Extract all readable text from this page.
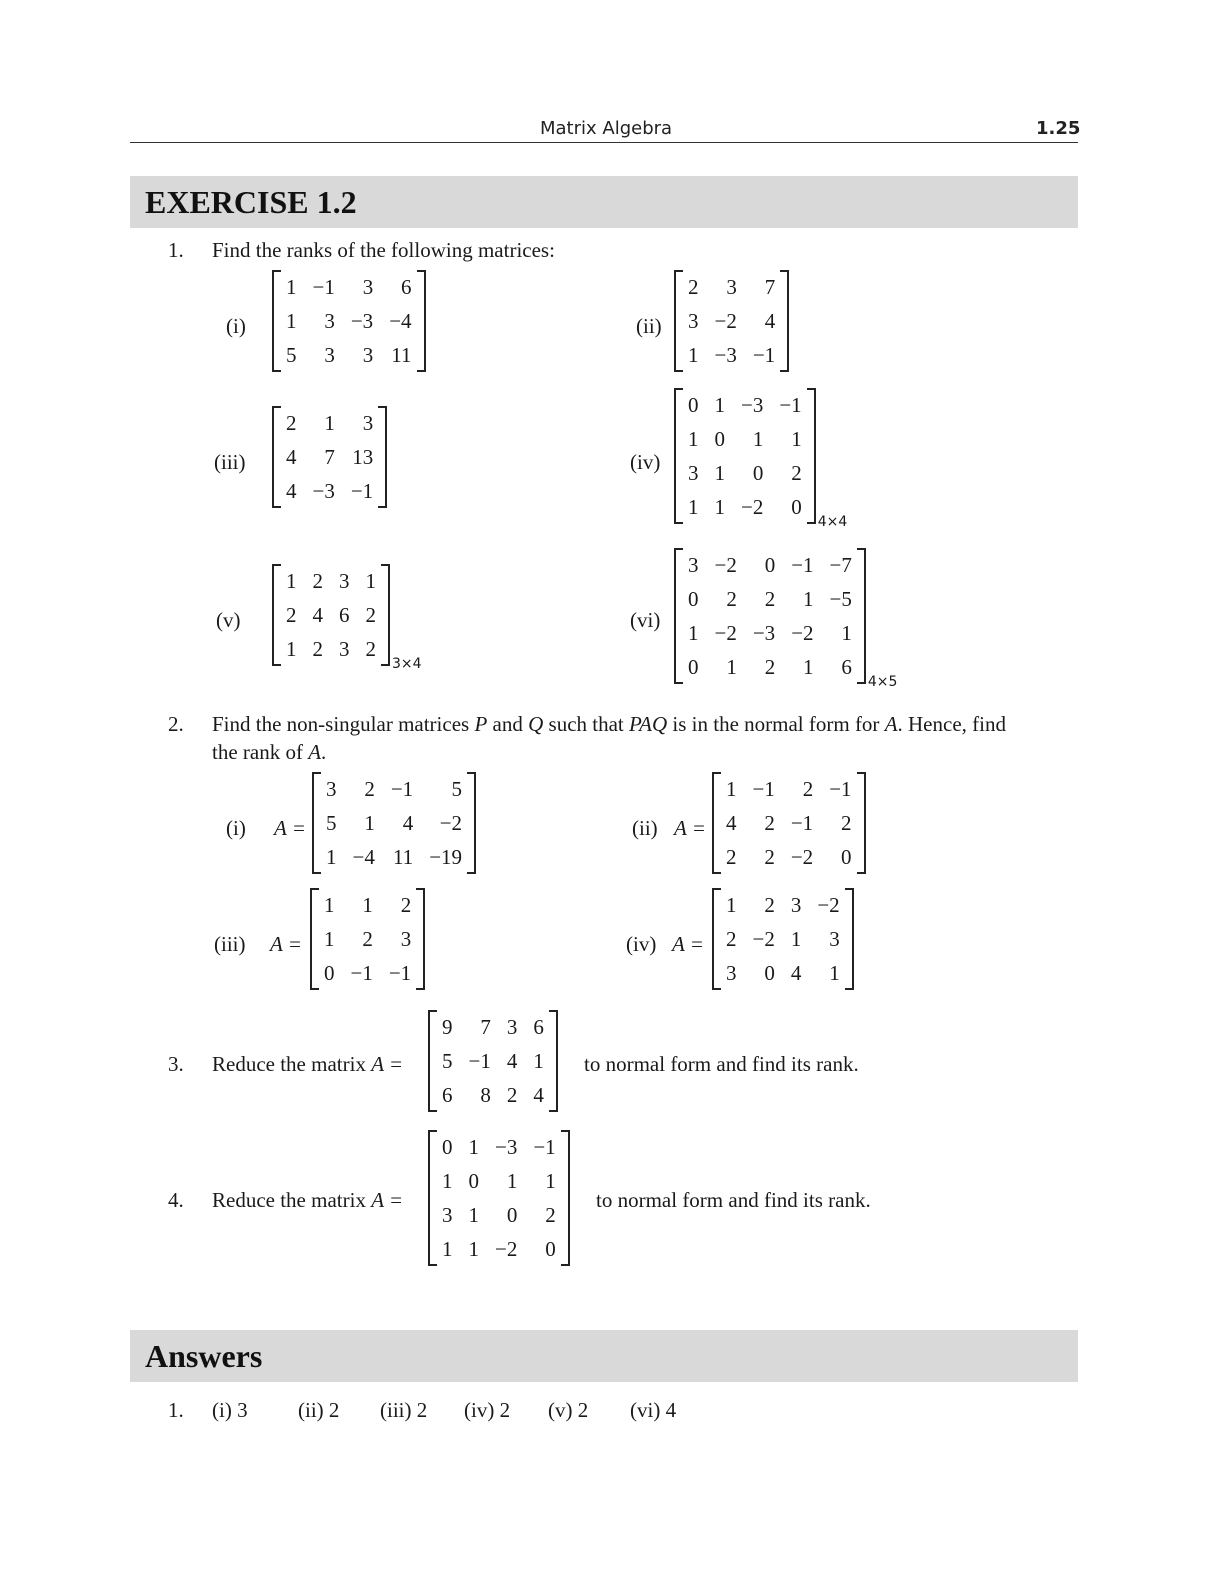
Matrix Algebra	1.25
EXERCISE 1.2
1. Find the ranks of the following matrices:
(i)
1 −1	3	6
1	3 −3 −4
5	3	3 11
(ii)
2	3	7
3 −2	4
1 −3 −1
(iii)
2	1	3
4	7 13
4 −3 −1
(iv)
0 1 −3 −1
1 0	1	1
3 1	0	2
1 1 −2	0
4×4
(v)
1 2 3 1
2 4 6 2
1 2 3 2
3×4
(vi)
3 −2	0 −1 −7
0	2	2	1 −5
1 −2 −3 −2	1
0	1	2	1	6
4×5
2. Find the non-singular matrices P and Q such that PAQ is in the normal form for A. Hence, find
the rank of A.
(i) A =
3	2 −1	5
5	1	4	−2
1 −4 11 −19
(ii) A =
1 −1	2 −1
4	2 −1	2
2	2 −2	0
(iii) A =
1	1	2
1	2	3
0 −1 −1
(iv) A =
1	2 3 −2
2 −2 1	3
3	0 4	1
3. Reduce the matrix A =
9	7 3 6
5 −1 4 1
6	8 2 4
to normal form and find its rank.
4. Reduce the matrix A =
0 1 −3 −1
1 0	1	1
3 1	0	2
1 1 −2	0
to normal form and find its rank.
Answers
1. (i) 3 (ii) 2 (iii) 2 (iv) 2 (v) 2 (vi) 4
